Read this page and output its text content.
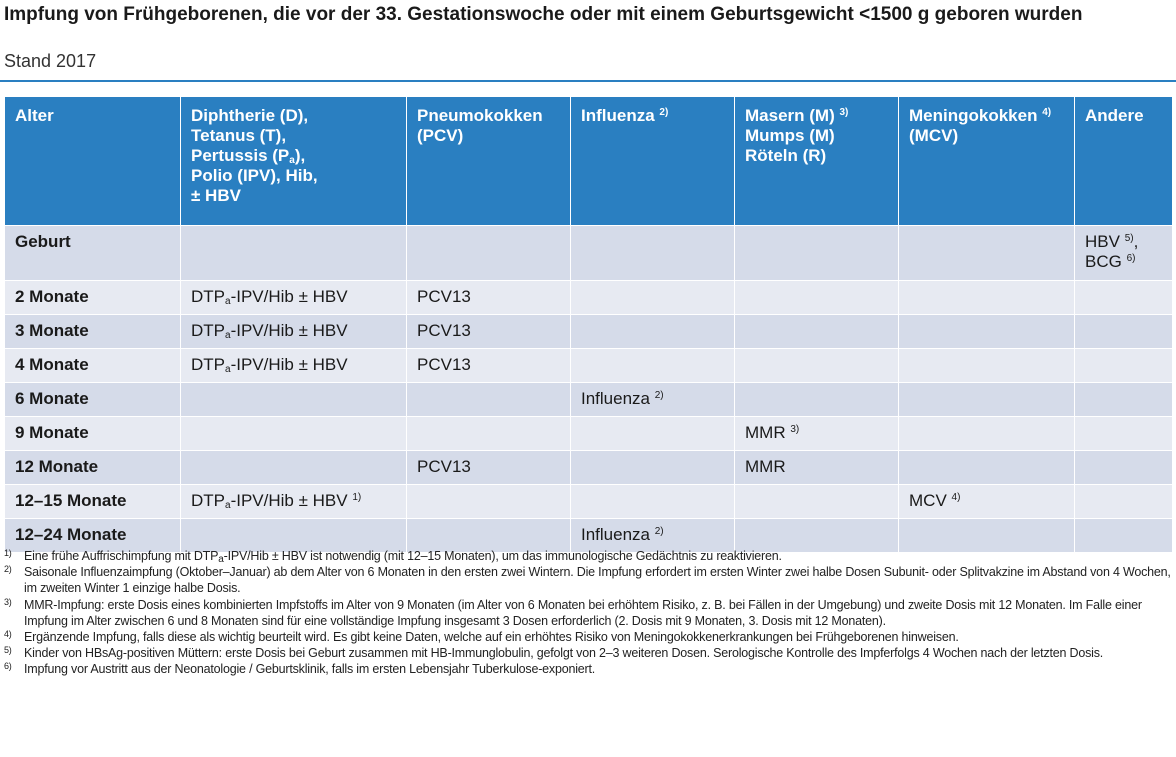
Impfung von Frühgeborenen, die vor der 33. Gestationswoche oder mit einem Geburtsgewicht <1500 g geboren wurden
Stand 2017
Alter	Diphtherie (D),
Tetanus (T),
Pertussis $(P_a)$,
Polio (IPV), Hib,
± HBV	Pneumokokken
(PCV)	Influenza $^{2)}$	Masern (M) $^{3)}$
Mumps (M)
Röteln (R)	Meningokokken $^{4)}$
(MCV)	Andere
Geburt						HBV $^{5)}$,
BCG $^{6)}$
2 Monate	$DTP_a-IPV$/Hib ± HBV	PCV13				
3 Monate	$DTP_a-IPV$/Hib ± HBV	PCV13				
4 Monate	$DTP_a-IPV$/Hib ± HBV	PCV13				
6 Monate			Influenza $^{2)}$			
9 Monate				MMR $^{3)}$		
12 Monate		PCV13		MMR		
12–15 Monate	$DTP_a-IPV$/Hib ± HBV $^{1)}$				MCV $^{4)}$	
12–24 Monate			Influenza $^{2)}$			
1) Eine frühe Auffrischimpfung mit $DTP_a-IPV$/Hib ± HBV ist notwendig (mit 12–15 Monaten), um das immunologische Gedächtnis zu reaktivieren.
2) Saisonale Influenzaimpfung (Oktober–Januar) ab dem Alter von 6 Monaten in den ersten zwei Wintern. Die Impfung erfordert im ersten Winter zwei halbe Dosen Subunit- oder Splitvakzine im Abstand von 4 Wochen, im zweiten Winter 1 einzige halbe Dosis.
3) MMR-Impfung: erste Dosis eines kombinierten Impfstoffs im Alter von 9 Monaten (im Alter von 6 Monaten bei erhöhtem Risiko, z. B. bei Fällen in der Umgebung) und zweite Dosis mit 12 Monaten. Im Falle einer Impfung im Alter zwischen 6 und 8 Monaten sind für eine vollständige Impfung insgesamt 3 Dosen erforderlich (2. Dosis mit 9 Monaten, 3. Dosis mit 12 Monaten).
4) Ergänzende Impfung, falls diese als wichtig beurteilt wird. Es gibt keine Daten, welche auf ein erhöhtes Risiko von Meningokokkenerkrankungen bei Frühgeborenen hinweisen.
5) Kinder von HBsAg-positiven Müttern: erste Dosis bei Geburt zusammen mit HB-Immunglobulin, gefolgt von 2–3 weiteren Dosen. Serologische Kontrolle des Impferfolgs 4 Wochen nach der letzten Dosis.
6) Impfung vor Austritt aus der Neonatologie / Geburtsklinik, falls im ersten Lebensjahr Tuberkulose-exponiert.
